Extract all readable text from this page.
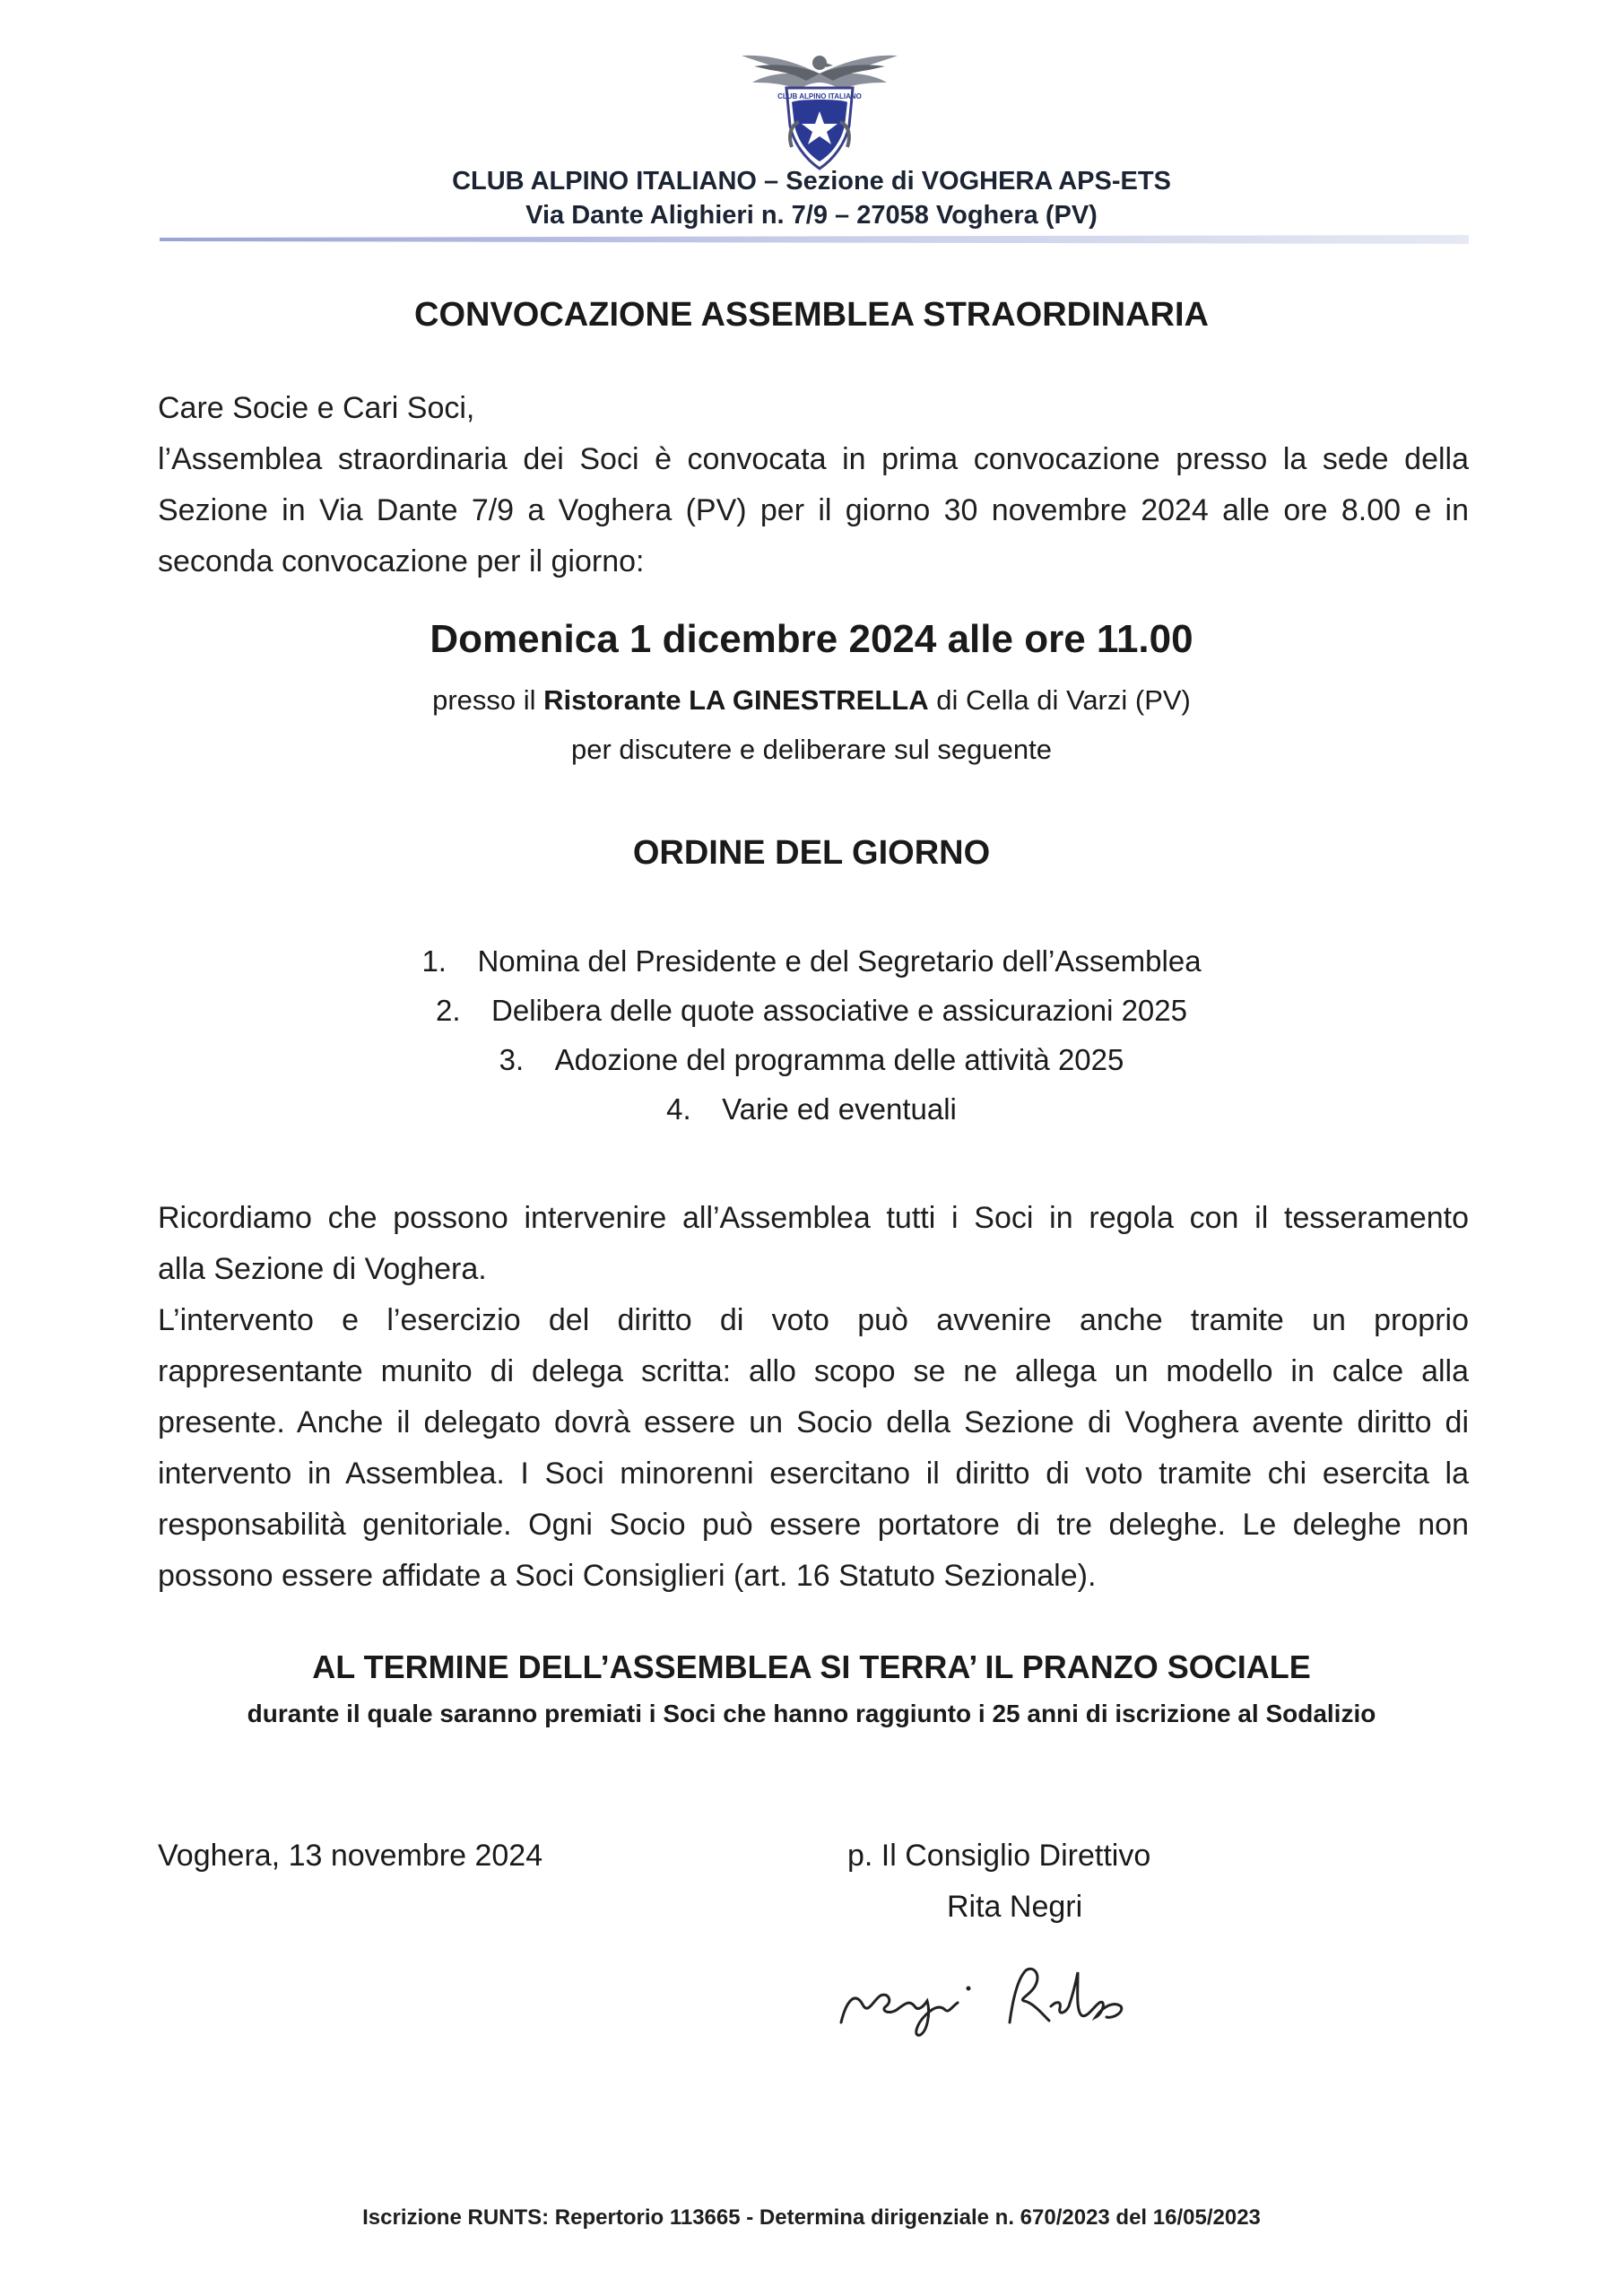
CLUB ALPINO ITALIANO
CLUB ALPINO ITALIANO – Sezione di VOGHERA APS-ETS
Via Dante Alighieri n. 7/9 – 27058 Voghera (PV)
CONVOCAZIONE ASSEMBLEA STRAORDINARIA
Care Socie e Cari Soci,
l’Assemblea straordinaria dei Soci è convocata in prima convocazione presso la sede della
Sezione in Via Dante 7/9 a Voghera (PV) per il giorno 30 novembre 2024 alle ore 8.00 e in
seconda convocazione per il giorno:
Domenica 1 dicembre 2024 alle ore 11.00
presso il Ristorante LA GINESTRELLA di Cella di Varzi (PV)
per discutere e deliberare sul seguente
ORDINE DEL GIORNO
1. Nomina del Presidente e del Segretario dell’Assemblea
2. Delibera delle quote associative e assicurazioni 2025
3. Adozione del programma delle attività 2025
4. Varie ed eventuali
Ricordiamo che possono intervenire all’Assemblea tutti i Soci in regola con il tesseramento
alla Sezione di Voghera.
L’intervento e l’esercizio del diritto di voto può avvenire anche tramite un proprio
rappresentante munito di delega scritta: allo scopo se ne allega un modello in calce alla
presente. Anche il delegato dovrà essere un Socio della Sezione di Voghera avente diritto di
intervento in Assemblea. I Soci minorenni esercitano il diritto di voto tramite chi esercita la
responsabilità genitoriale. Ogni Socio può essere portatore di tre deleghe. Le deleghe non
possono essere affidate a Soci Consiglieri (art. 16 Statuto Sezionale).
AL TERMINE DELL’ASSEMBLEA SI TERRA’ IL PRANZO SOCIALE
durante il quale saranno premiati i Soci che hanno raggiunto i 25 anni di iscrizione al Sodalizio
Voghera, 13 novembre 2024	p. Il Consiglio Direttivo
Rita Negri
Negri Rita
Iscrizione RUNTS: Repertorio 113665 - Determina dirigenziale n. 670/2023 del 16/05/2023
